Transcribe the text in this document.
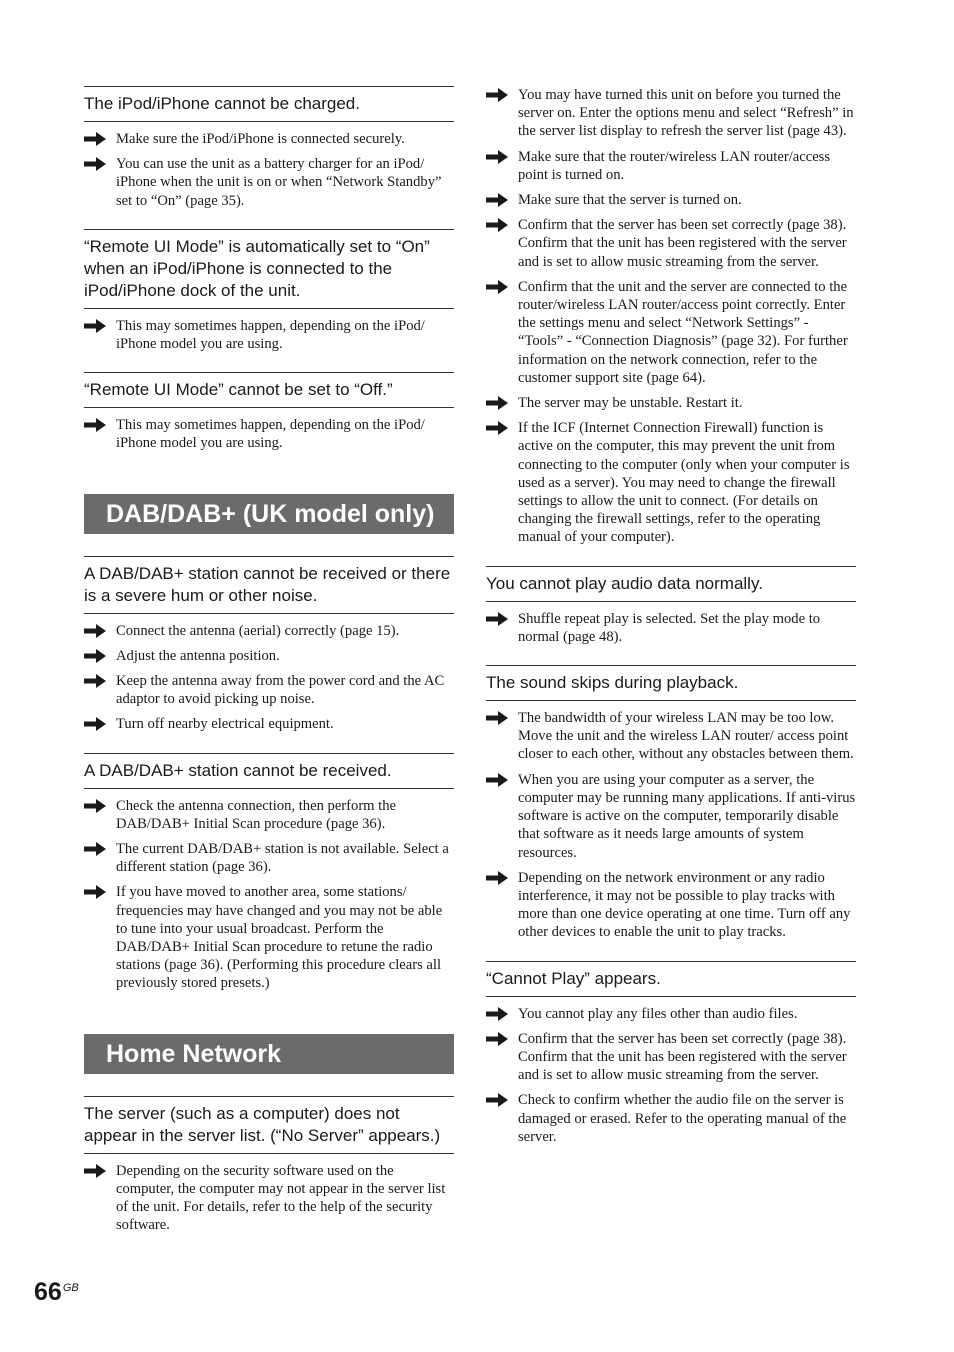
The iPod/iPhone cannot be charged.
Make sure the iPod/iPhone is connected securely.
You can use the unit as a battery charger for an iPod/ iPhone when the unit is on or when “Network Standby” set to “On” (page 35).
“Remote UI Mode” is automatically set to “On” when an iPod/iPhone is connected to the iPod/iPhone dock of the unit.
This may sometimes happen, depending on the iPod/ iPhone model you are using.
“Remote UI Mode” cannot be set to “Off.”
This may sometimes happen, depending on the iPod/ iPhone model you are using.
DAB/DAB+ (UK model only)
A DAB/DAB+ station cannot be received or there is a severe hum or other noise.
Connect the antenna (aerial) correctly (page 15).
Adjust the antenna position.
Keep the antenna away from the power cord and the AC adaptor to avoid picking up noise.
Turn off nearby electrical equipment.
A DAB/DAB+ station cannot be received.
Check the antenna connection, then perform the DAB/DAB+ Initial Scan procedure (page 36).
The current DAB/DAB+ station is not available. Select a different station (page 36).
If you have moved to another area, some stations/ frequencies may have changed and you may not be able to tune into your usual broadcast. Perform the DAB/DAB+ Initial Scan procedure to retune the radio stations (page 36). (Performing this procedure clears all previously stored presets.)
Home Network
The server (such as a computer) does not appear in the server list. (“No Server” appears.)
Depending on the security software used on the computer, the computer may not appear in the server list of the unit. For details, refer to the help of the security software.
You may have turned this unit on before you turned the server on. Enter the options menu and select “Refresh” in the server list display to refresh the server list (page 43).
Make sure that the router/wireless LAN router/access point is turned on.
Make sure that the server is turned on.
Confirm that the server has been set correctly (page 38). Confirm that the unit has been registered with the server and is set to allow music streaming from the server.
Confirm that the unit and the server are connected to the router/wireless LAN router/access point correctly. Enter the settings menu and select “Network Settings” - “Tools” - “Connection Diagnosis” (page 32). For further information on the network connection, refer to the customer support site (page 64).
The server may be unstable. Restart it.
If the ICF (Internet Connection Firewall) function is active on the computer, this may prevent the unit from connecting to the computer (only when your computer is used as a server). You may need to change the firewall settings to allow the unit to connect. (For details on changing the firewall settings, refer to the operating manual of your computer).
You cannot play audio data normally.
Shuffle repeat play is selected. Set the play mode to normal (page 48).
The sound skips during playback.
The bandwidth of your wireless LAN may be too low. Move the unit and the wireless LAN router/ access point closer to each other, without any obstacles between them.
When you are using your computer as a server, the computer may be running many applications. If anti-virus software is active on the computer, temporarily disable that software as it needs large amounts of system resources.
Depending on the network environment or any radio interference, it may not be possible to play tracks with more than one device operating at one time. Turn off any other devices to enable the unit to play tracks.
“Cannot Play” appears.
You cannot play any files other than audio files.
Confirm that the server has been set correctly (page 38). Confirm that the unit has been registered with the server and is set to allow music streaming from the server.
Check to confirm whether the audio file on the server is damaged or erased. Refer to the operating manual of the server.
$66^{GB}$
